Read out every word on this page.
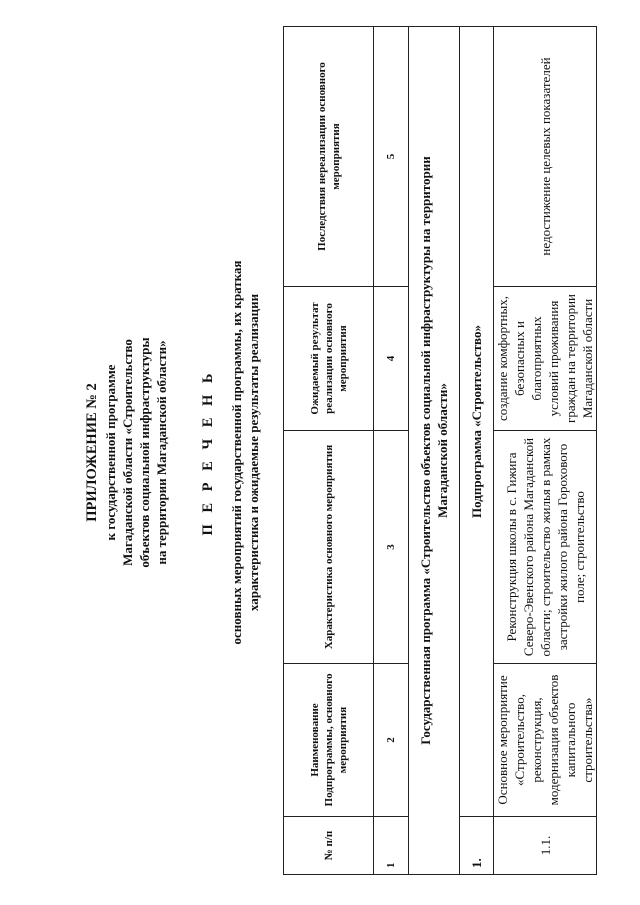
ПРИЛОЖЕНИЕ № 2 к государственной программе Магаданской области «Строительство объектов социальной инфраструктуры на территории Магаданской области» П Е Р Е Ч Е Н Ь основных мероприятий государственной программы, их краткая характеристика и ожидаемые результаты реализации
№ п/п	Наименование Подпрограммы, основного мероприятия	Характеристика основного мероприятия	Ожидаемый результат реализации основного мероприятия	Последствия нереализации основного мероприятия
1	2	3	4	5
Государственная программа «Строительство объектов социальной инфраструктуры на территории Магаданской области»				
1.	Подпрограмма «Строительство»			
1.1.	Основное мероприятие «Строительство, реконструкция, модернизация объектов капитального строительства»	Реконструкция школы в с. Гижига Северо-Эвенского района Магаданской области; строительство жилья в рамках застройки жилого района Горохового поле; строительство	создание комфортных, безопасных и благоприятных условий проживания граждан на территории Магаданской области	недостижение целевых показателей
